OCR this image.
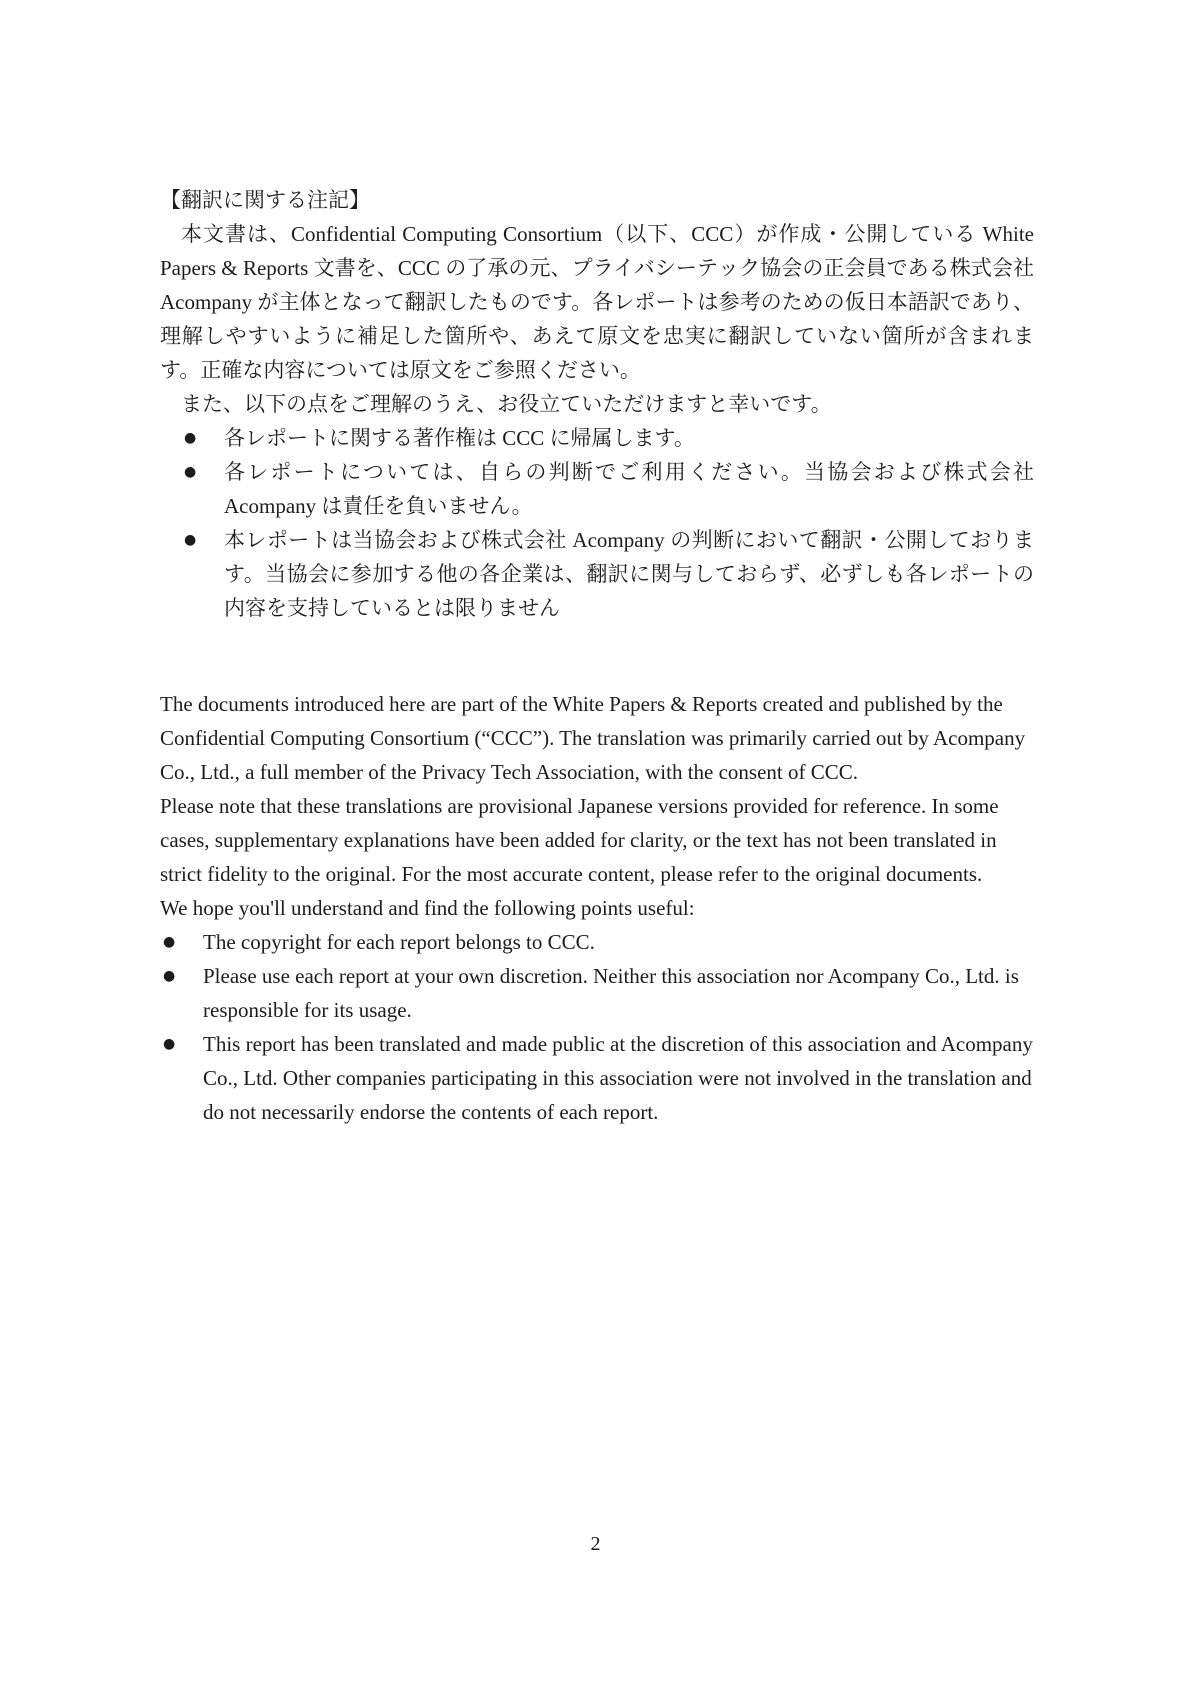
【翻訳に関する注記】

本文書は、Confidential Computing Consortium（以下、CCC）が作成・公開している White Papers & Reports 文書を、CCC の了承の元、プライバシーテック協会の正会員である株式会社 Acompany が主体となって翻訳したものです。各レポートは参考のための仮日本語訳であり、理解しやすいように補足した箇所や、あえて原文を忠実に翻訳していない箇所が含まれます。正確な内容については原文をご参照ください。

また、以下の点をご理解のうえ、お役立ていただけますと幸いです。

● 各レポートに関する著作権は CCC に帰属します。
● 各レポートについては、自らの判断でご利用ください。当協会および株式会社 Acompany は責任を負いません。
● 本レポートは当協会および株式会社 Acompany の判断において翻訳・公開しております。当協会に参加する他の各企業は、翻訳に関与しておらず、必ずしも各レポートの内容を支持しているとは限りません

The documents introduced here are part of the White Papers & Reports created and published by the Confidential Computing Consortium (“CCC”). The translation was primarily carried out by Acompany Co., Ltd., a full member of the Privacy Tech Association, with the consent of CCC.

Please note that these translations are provisional Japanese versions provided for reference. In some cases, supplementary explanations have been added for clarity, or the text has not been translated in strict fidelity to the original. For the most accurate content, please refer to the original documents.

We hope you'll understand and find the following points useful:

● The copyright for each report belongs to CCC.
● Please use each report at your own discretion. Neither this association nor Acompany Co., Ltd. is responsible for its usage.
● This report has been translated and made public at the discretion of this association and Acompany Co., Ltd. Other companies participating in this association were not involved in the translation and do not necessarily endorse the contents of each report.
2
